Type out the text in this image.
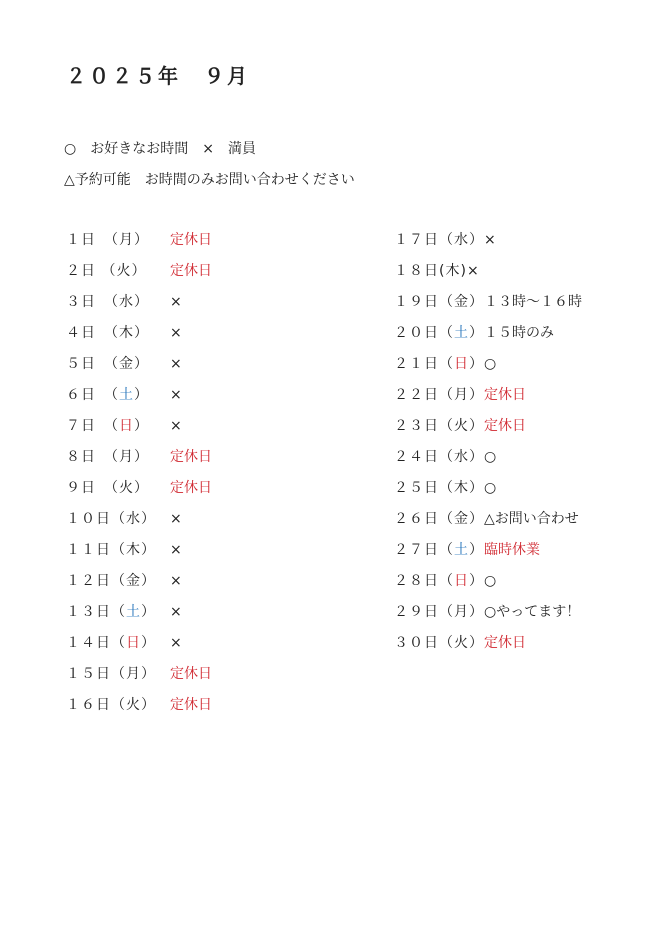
２０２５年　９月
○　お好きなお時間　×　満員
△予約可能　お時間のみお問い合わせください
１日　（月）	定休日
２日 （火）	定休日
３日　（水）	×
４日　（木）	×
５日　（金）	×
６日　（土）	×
７日　（日）	×
８日　（月）	定休日
９日　（火）	定休日
１０日（水）	×
１１日（木）	×
１２日（金）	×
１３日（土）	×
１４日（日）	×
１５日（月）	定休日
１６日（火）	定休日
１７日（水） ×
１８日(木) ×
１９日（金） １３時～１６時
２０日（土） １５時のみ
２１日（日） ○
２２日（月） 定休日
２３日（火） 定休日
２４日（水） ○
２５日（木） ○
２６日（金） △お問い合わせ
２７日（土） 臨時休業
２８日（日） ○
２９日（月） ○やってます！
３０日（火） 定休日
